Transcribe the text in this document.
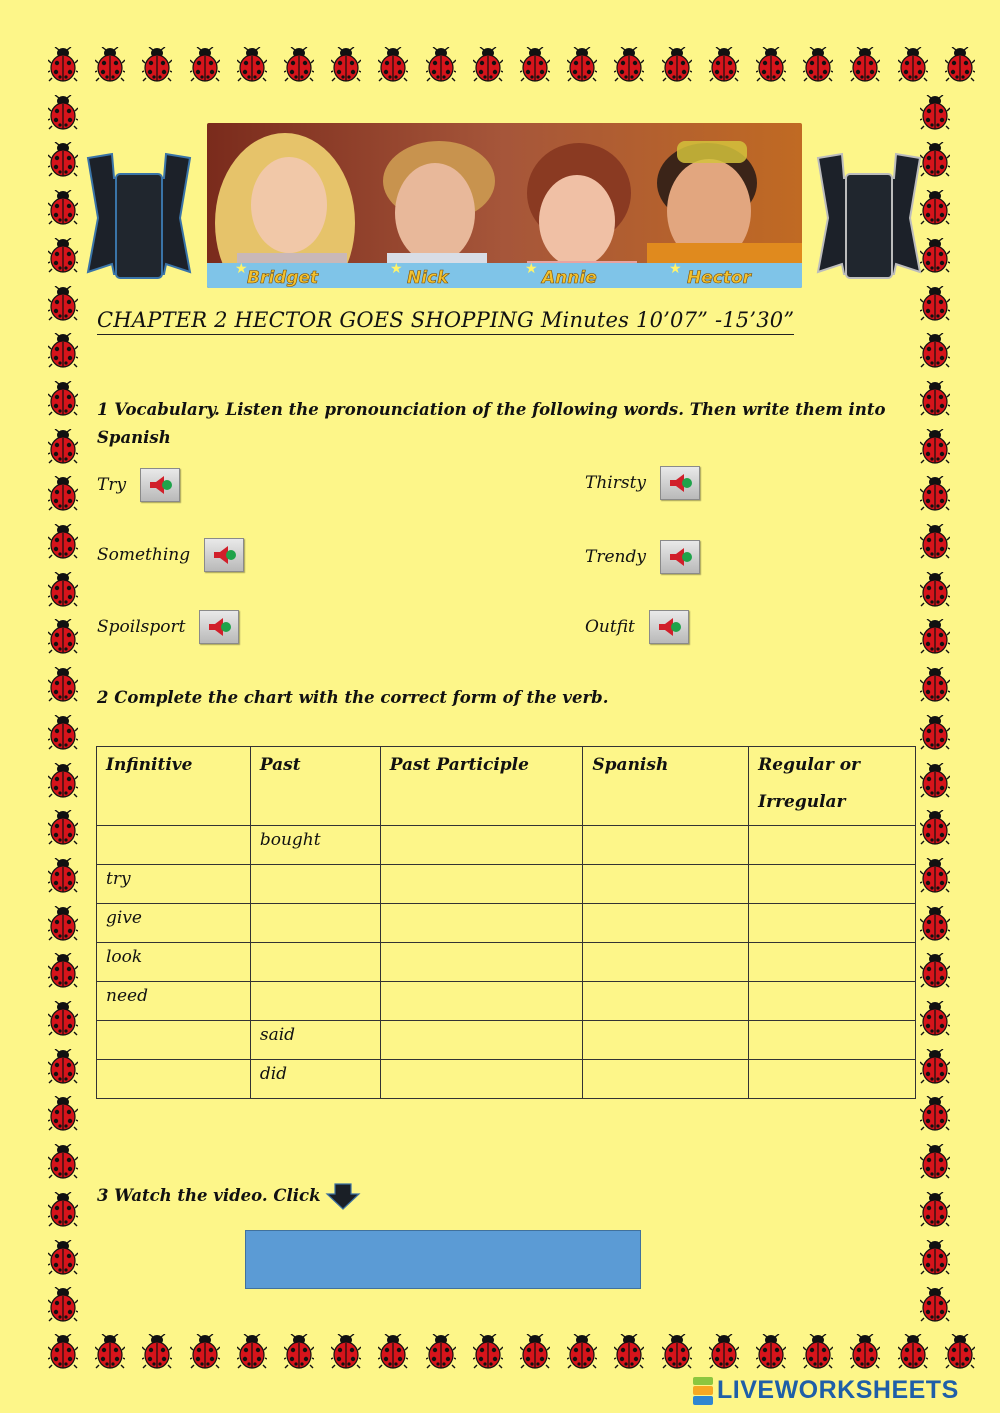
Bridget	Nick	Annie	Hector
★	★	★	★
CHAPTER 2 HECTOR GOES SHOPPING Minutes 10’07” -15’30”
1 Vocabulary. Listen the pronounciation of the following words. Then write them into Spanish
Try	Thirsty
Something	Trendy
Spoilsport	Outfit
2 Complete the chart with the correct form of the verb.
Infinitive	Past	Past Participle	Spanish	Regular or Irregular
	bought			
try				
give				
look				
need				
	said			
	did			
3 Watch the video. Click
LIVEWORKSHEETS
